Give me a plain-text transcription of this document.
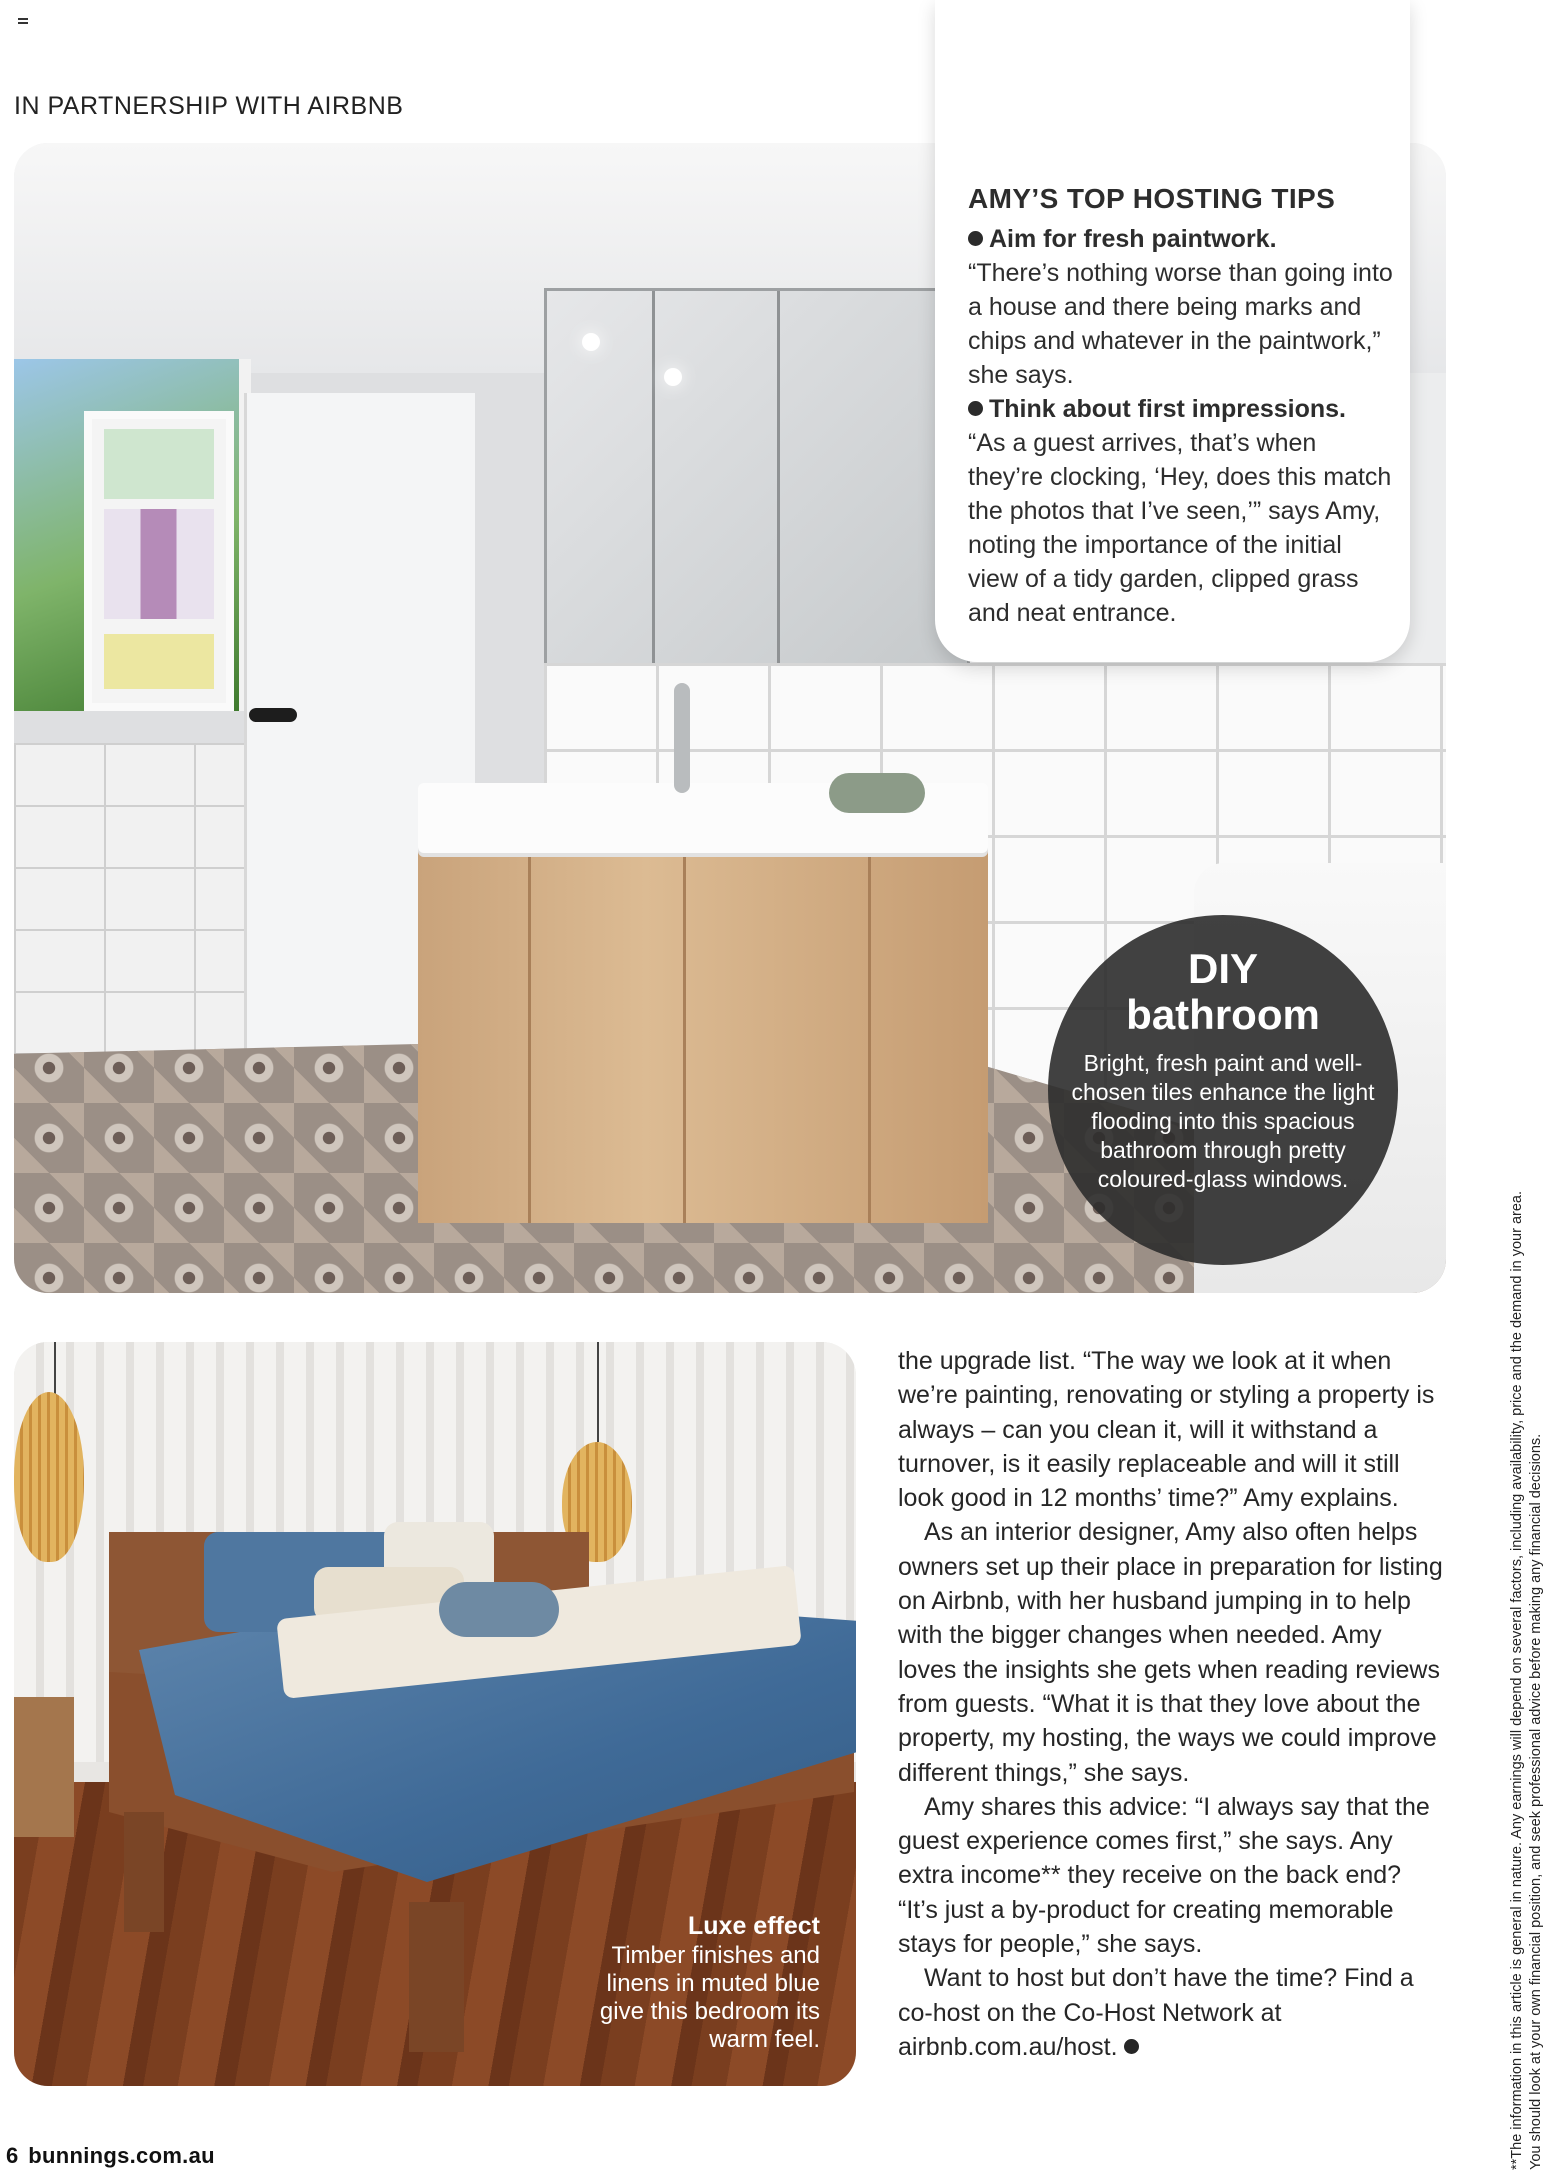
IN PARTNERSHIP WITH AIRBNB
AMY’S TOP HOSTING TIPS
Aim for fresh paintwork.
“There’s nothing worse than going into a house and there being marks and chips and whatever in the paintwork,” she says.
Think about first impressions.
“As a guest arrives, that’s when they’re clocking, ‘Hey, does this match the photos that I’ve seen,’” says Amy, noting the importance of the initial view of a tidy garden, clipped grass and neat entrance.
DIY
bathroom
Bright, fresh paint and well-chosen tiles enhance the light flooding into this spacious bathroom through pretty coloured-glass windows.
Luxe effect
Timber finishes and linens in muted blue give this bedroom its warm feel.

the upgrade list. “The way we look at it when we’re painting, renovating or styling a property is always – can you clean it, will it withstand a turnover, is it easily replaceable and will it still look good in 12 months’ time?” Amy explains.

As an interior designer, Amy also often helps owners set up their place in preparation for listing on Airbnb, with her husband jumping in to help with the bigger changes when needed. Amy loves the insights she gets when reading reviews from guests. “What it is that they love about the property, my hosting, the ways we could improve different things,” she says.

Amy shares this advice: “I always say that the guest experience comes first,” she says. Any extra income** they receive on the back end? “It’s just a by-product for creating memorable stays for people,” she says.

Want to host but don’t have the time? Find a co-host on the Co-Host Network at airbnb.com.au/host.	**The information in this article is general in nature. Any earnings will depend on several factors, including availability, price and the demand in your area. You should look at your own financial position, and seek professional advice before making any financial decisions.
6 bunnings.com.au
